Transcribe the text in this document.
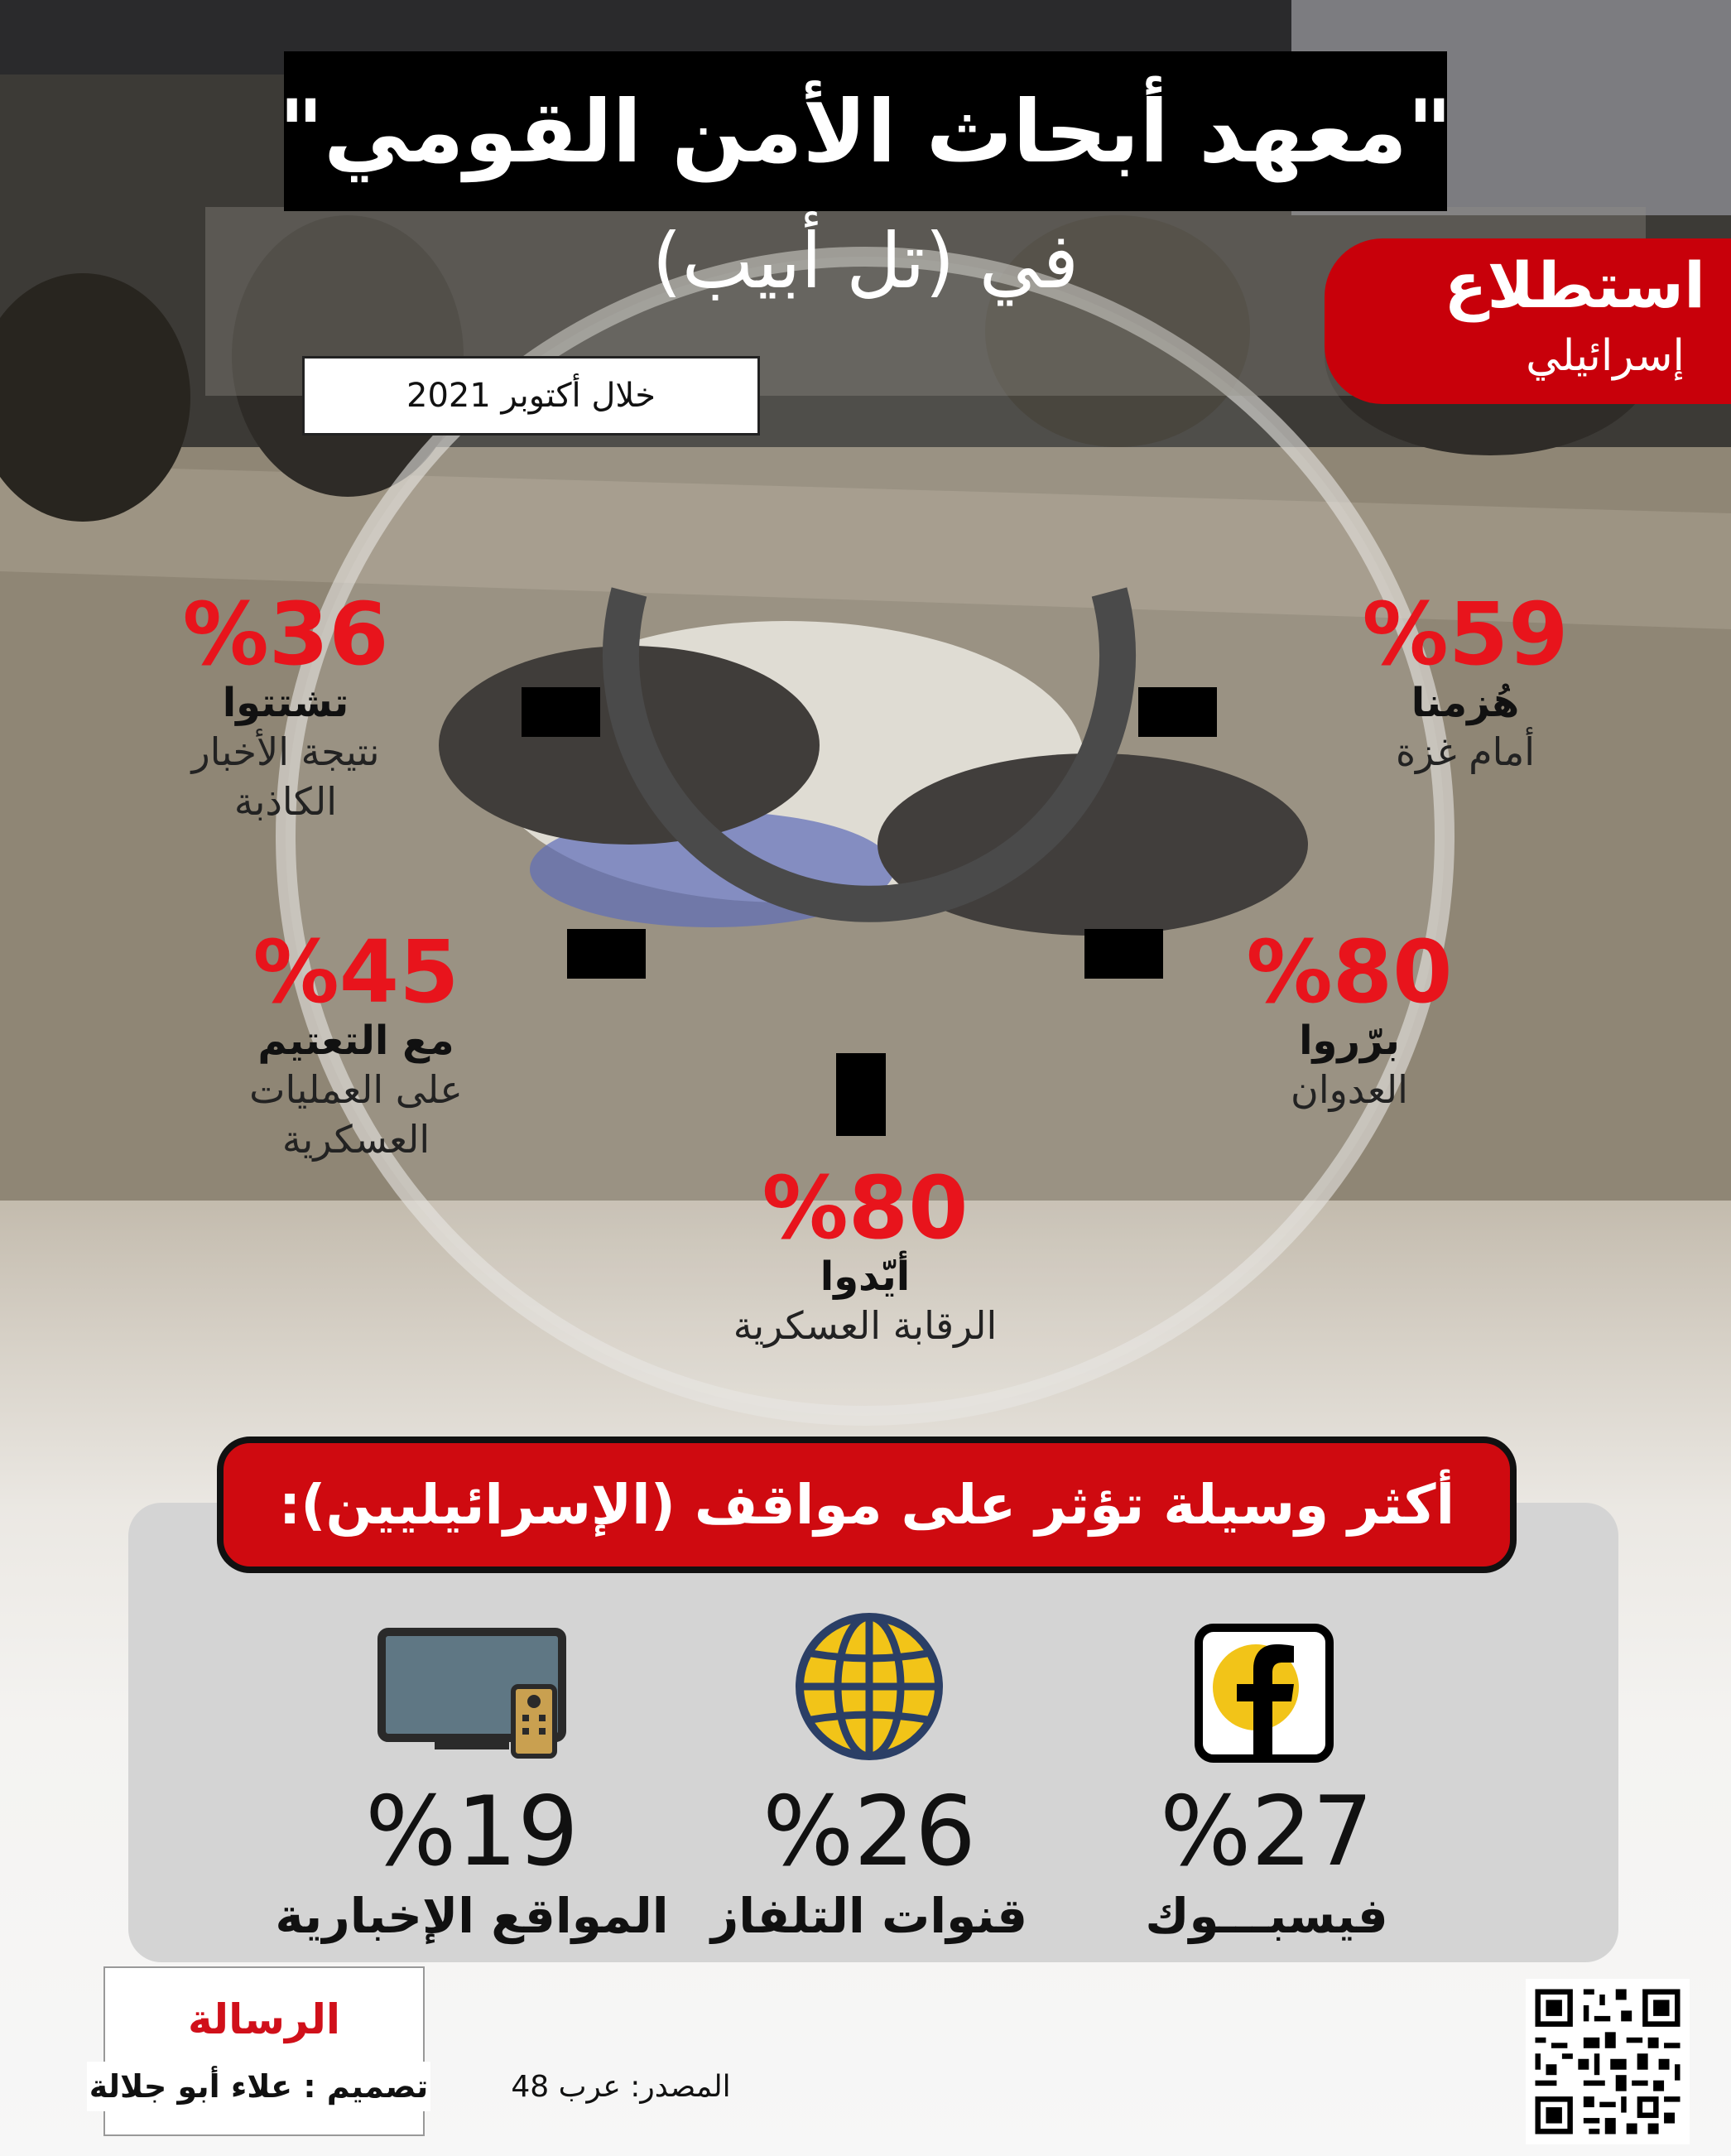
"معهد أبحاث الأمن القومي"
في (تل أبيب)
خلال أكتوبر 2021
استطلاع
إسرائيلي
%36
تشتتوا
نتيجة الأخبار
الكاذبة
%59
هُزمنا
أمام غزة
%45
مع التعتيم
على العمليات
العسكرية
%80
برّروا
العدوان
%80
أيّدوا
الرقابة العسكرية
أكثر وسيلة تؤثر على مواقف (الإسرائيليين):
%27
فيسبـــوك
%26
قنوات التلفاز
%19
المواقع الإخبارية
الرسالة
تصميم : علاء أبو جلالة	المصدر: عرب 48
